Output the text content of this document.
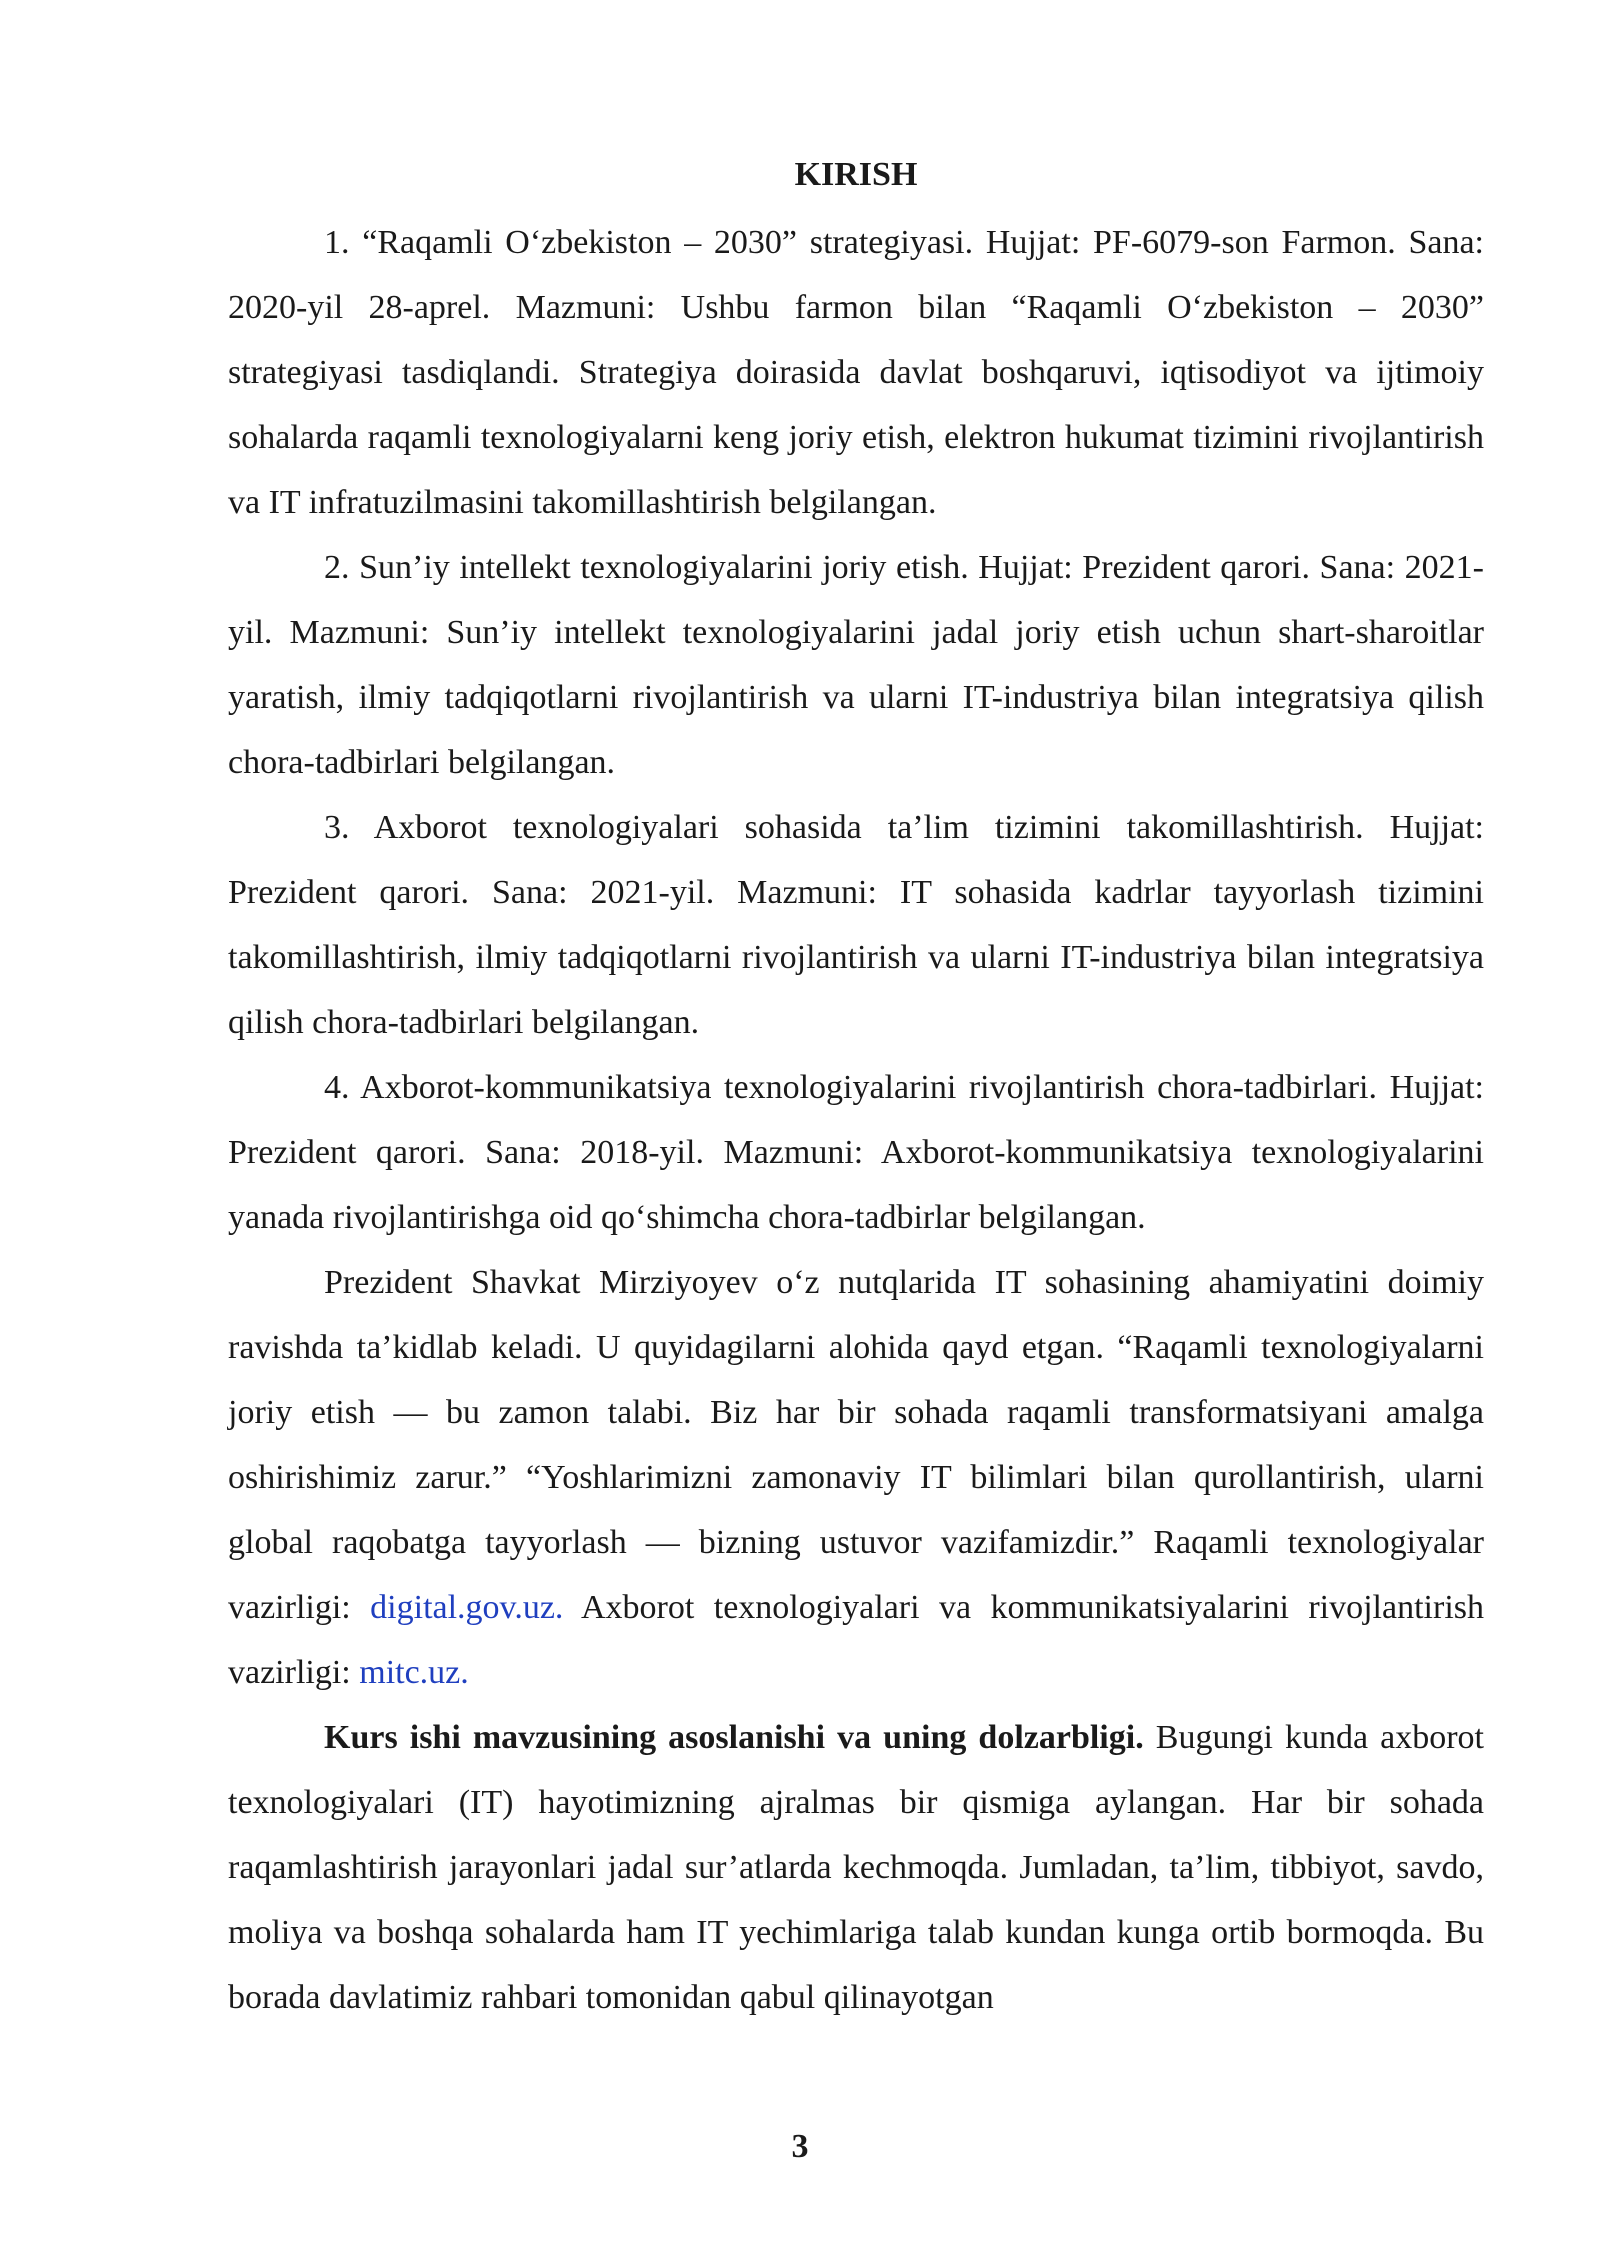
KIRISH

1. “Raqamli O‘zbekiston – 2030” strategiyasi. Hujjat: PF-6079-son Farmon. Sana: 2020-yil 28-aprel. Mazmuni: Ushbu farmon bilan “Raqamli O‘zbekiston – 2030” strategiyasi tasdiqlandi. Strategiya doirasida davlat boshqaruvi, iqtisodiyot va ijtimoiy sohalarda raqamli texnologiyalarni keng joriy etish, elektron hukumat tizimini rivojlantirish va IT infratuzilmasini takomillashtirish belgilangan.

2. Sun’iy intellekt texnologiyalarini joriy etish. Hujjat: Prezident qarori. Sana: 2021-yil. Mazmuni: Sun’iy intellekt texnologiyalarini jadal joriy etish uchun shart-sharoitlar yaratish, ilmiy tadqiqotlarni rivojlantirish va ularni IT-industriya bilan integratsiya qilish chora-tadbirlari belgilangan.

3. Axborot texnologiyalari sohasida ta’lim tizimini takomillashtirish. Hujjat: Prezident qarori. Sana: 2021-yil. Mazmuni: IT sohasida kadrlar tayyorlash tizimini takomillashtirish, ilmiy tadqiqotlarni rivojlantirish va ularni IT-industriya bilan integratsiya qilish chora-tadbirlari belgilangan.

4. Axborot-kommunikatsiya texnologiyalarini rivojlantirish chora-tadbirlari. Hujjat: Prezident qarori. Sana: 2018-yil. Mazmuni: Axborot-kommunikatsiya texnologiyalarini yanada rivojlantirishga oid qo‘shimcha chora-tadbirlar belgilangan.

Prezident Shavkat Mirziyoyev o‘z nutqlarida IT sohasining ahamiyatini doimiy ravishda ta’kidlab keladi. U quyidagilarni alohida qayd etgan. “Raqamli texnologiyalarni joriy etish — bu zamon talabi. Biz har bir sohada raqamli transformatsiyani amalga oshirishimiz zarur.” “Yoshlarimizni zamonaviy IT bilimlari bilan qurollantirish, ularni global raqobatga tayyorlash — bizning ustuvor vazifamizdir.” Raqamli texnologiyalar vazirligi: digital.gov.uz. Axborot texnologiyalari va kommunikatsiyalarini rivojlantirish vazirligi: mitc.uz.

Kurs ishi mavzusining asoslanishi va uning dolzarbligi. Bugungi kunda axborot texnologiyalari (IT) hayotimizning ajralmas bir qismiga aylangan. Har bir sohada raqamlashtirish jarayonlari jadal sur’atlarda kechmoqda. Jumladan, ta’lim, tibbiyot, savdo, moliya va boshqa sohalarda ham IT yechimlariga talab kundan kunga ortib bormoqda. Bu borada davlatimiz rahbari tomonidan qabul qilinayotgan

3
